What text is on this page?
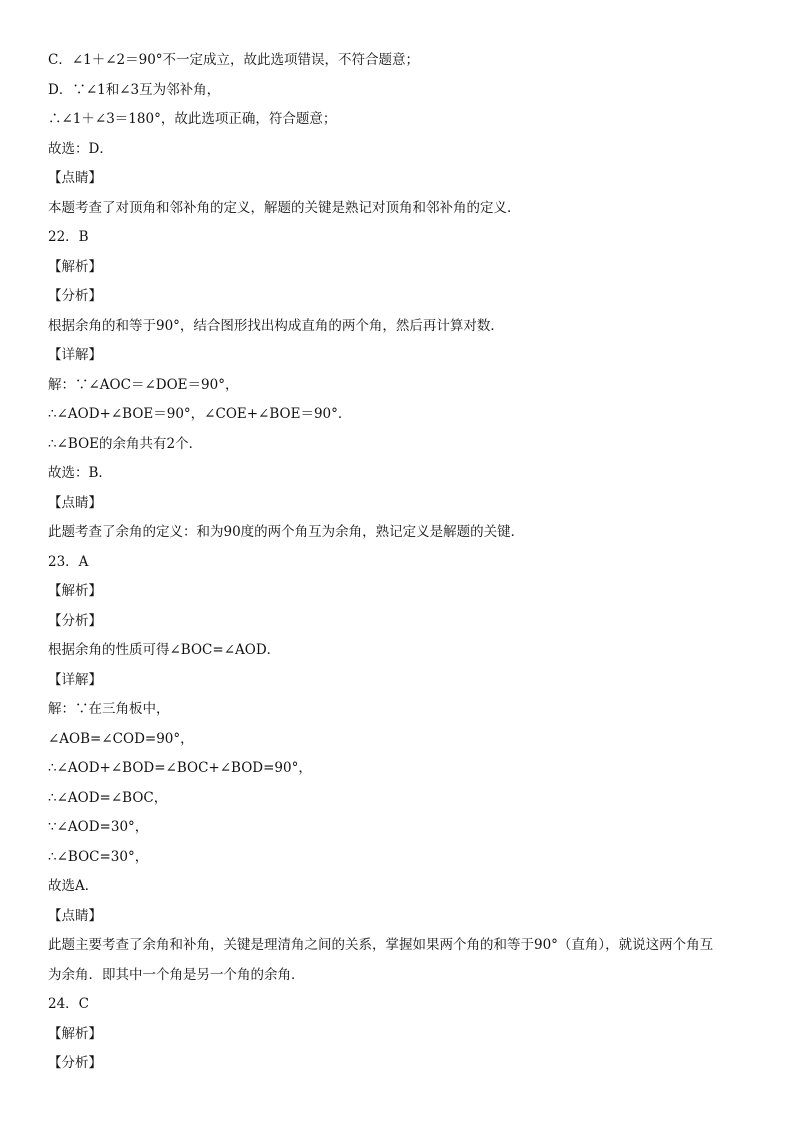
C．∠1＋∠2＝90°不一定成立，故此选项错误，不符合题意；
D．∵∠1和∠3互为邻补角，
∴∠1＋∠3＝180°，故此选项正确，符合题意；
故选：D．
【点睛】
本题考查了对顶角和邻补角的定义，解题的关键是熟记对顶角和邻补角的定义．
22．B
【解析】
【分析】
根据余角的和等于90°，结合图形找出构成直角的两个角，然后再计算对数．
【详解】
解：∵∠AOC＝∠DOE＝90°，
∴∠AOD+∠BOE＝90°，∠COE+∠BOE＝90°．
∴∠BOE的余角共有2个．
故选：B．
【点睛】
此题考查了余角的定义：和为90度的两个角互为余角，熟记定义是解题的关键．
23．A
【解析】
【分析】
根据余角的性质可得∠BOC=∠AOD．
【详解】
解：∵在三角板中，
∠AOB=∠COD=90°，
∴∠AOD+∠BOD=∠BOC+∠BOD=90°，
∴∠AOD=∠BOC，
∵∠AOD=30°，
∴∠BOC=30°，
故选A．
【点睛】
此题主要考查了余角和补角，关键是理清角之间的关系，掌握如果两个角的和等于90°（直角），就说这两个角互
为余角．即其中一个角是另一个角的余角．
24．C
【解析】
【分析】
